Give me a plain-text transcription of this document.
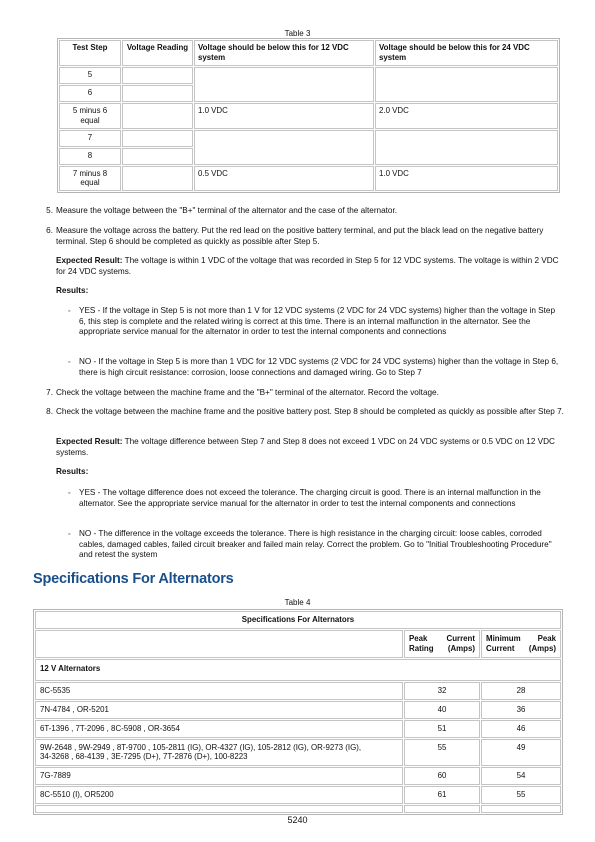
Table 3
Test Step	Voltage Reading	Voltage should be below this for 12 VDC system	Voltage should be below this for 24 VDC system
5			
6			
5 minus 6 equal		1.0 VDC	2.0 VDC
7			
8			
7 minus 8 equal		0.5 VDC	1.0 VDC
5. Measure the voltage between the "B+" terminal of the alternator and the case of the alternator.
6. Measure the voltage across the battery. Put the red lead on the positive battery terminal, and put the black lead on the negative battery terminal. Step 6 should be completed as quickly as possible after Step 5.
Expected Result: The voltage is within 1 VDC of the voltage that was recorded in Step 5 for 12 VDC systems. The voltage is within 2 VDC for 24 VDC systems.
Results:
◦ YES - If the voltage in Step 5 is not more than 1 V for 12 VDC systems (2 VDC for 24 VDC systems) higher than the voltage in Step 6, this step is complete and the related wiring is correct at this time. There is an internal malfunction in the alternator. See the appropriate service manual for the alternator in order to test the internal components and connections
◦ NO - If the voltage in Step 5 is more than 1 VDC for 12 VDC systems (2 VDC for 24 VDC systems) higher than the voltage in Step 6, there is high circuit resistance: corrosion, loose connections and damaged wiring. Go to Step 7
7. Check the voltage between the machine frame and the "B+" terminal of the alternator. Record the voltage.
8. Check the voltage between the machine frame and the positive battery post. Step 8 should be completed as quickly as possible after Step 7.
Expected Result: The voltage difference between Step 7 and Step 8 does not exceed 1 VDC on 24 VDC systems or 0.5 VDC on 12 VDC systems.
Results:
◦ YES - The voltage difference does not exceed the tolerance. The charging circuit is good. There is an internal malfunction in the alternator. See the appropriate service manual for the alternator in order to test the internal components and connections
◦ NO - The difference in the voltage exceeds the tolerance. There is high resistance in the charging circuit: loose cables, corroded cables, damaged cables, failed circuit breaker and failed main relay. Correct the problem. Go to "Initial Troubleshooting Procedure" and retest the system
Specifications For Alternators
Table 4
Specifications For Alternators		
	Peak Current Rating (Amps)	Minimum Peak Current (Amps)
12 V Alternators		
8C-5535	32	28
7N-4784 , OR-5201	40	36
6T-1396 , 7T-2096 , 8C-5908 , OR-3654	51	46
9W-2648 , 9W-2949 , 8T-9700 , 105-2811 (IG), OR-4327 (IG), 105-2812 (IG), OR-9273 (IG), 34-3268 , 68-4139 , 3E-7295 (D+), 7T-2876 (D+), 100-8223	55	49
7G-7889	60	54
8C-5510 (I), OR5200	61	55

5240
